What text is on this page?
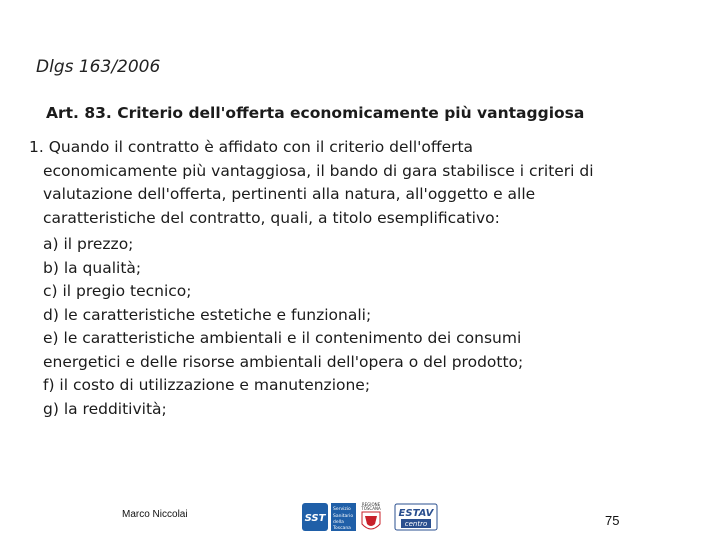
Dlgs 163/2006
Art. 83. Criterio dell'offerta economicamente più vantaggiosa
1. Quando il contratto è affidato con il criterio dell'offerta
economicamente più vantaggiosa, il bando di gara stabilisce i criteri di
valutazione dell'offerta, pertinenti alla natura, all'oggetto e alle
caratteristiche del contratto, quali, a titolo esemplificativo:
a) il prezzo;
b) la qualità;
c) il pregio tecnico;
d) le caratteristiche estetiche e funzionali;
e) le caratteristiche ambientali e il contenimento dei consumi
energetici e delle risorse ambientali dell'opera o del prodotto;
f) il costo di utilizzazione e manutenzione;
g) la redditività;
Marco Niccolai	SST
Servizio
Sanitario
della
Toscana
REGIONE
TOSCANA ESTAV
centro	75
